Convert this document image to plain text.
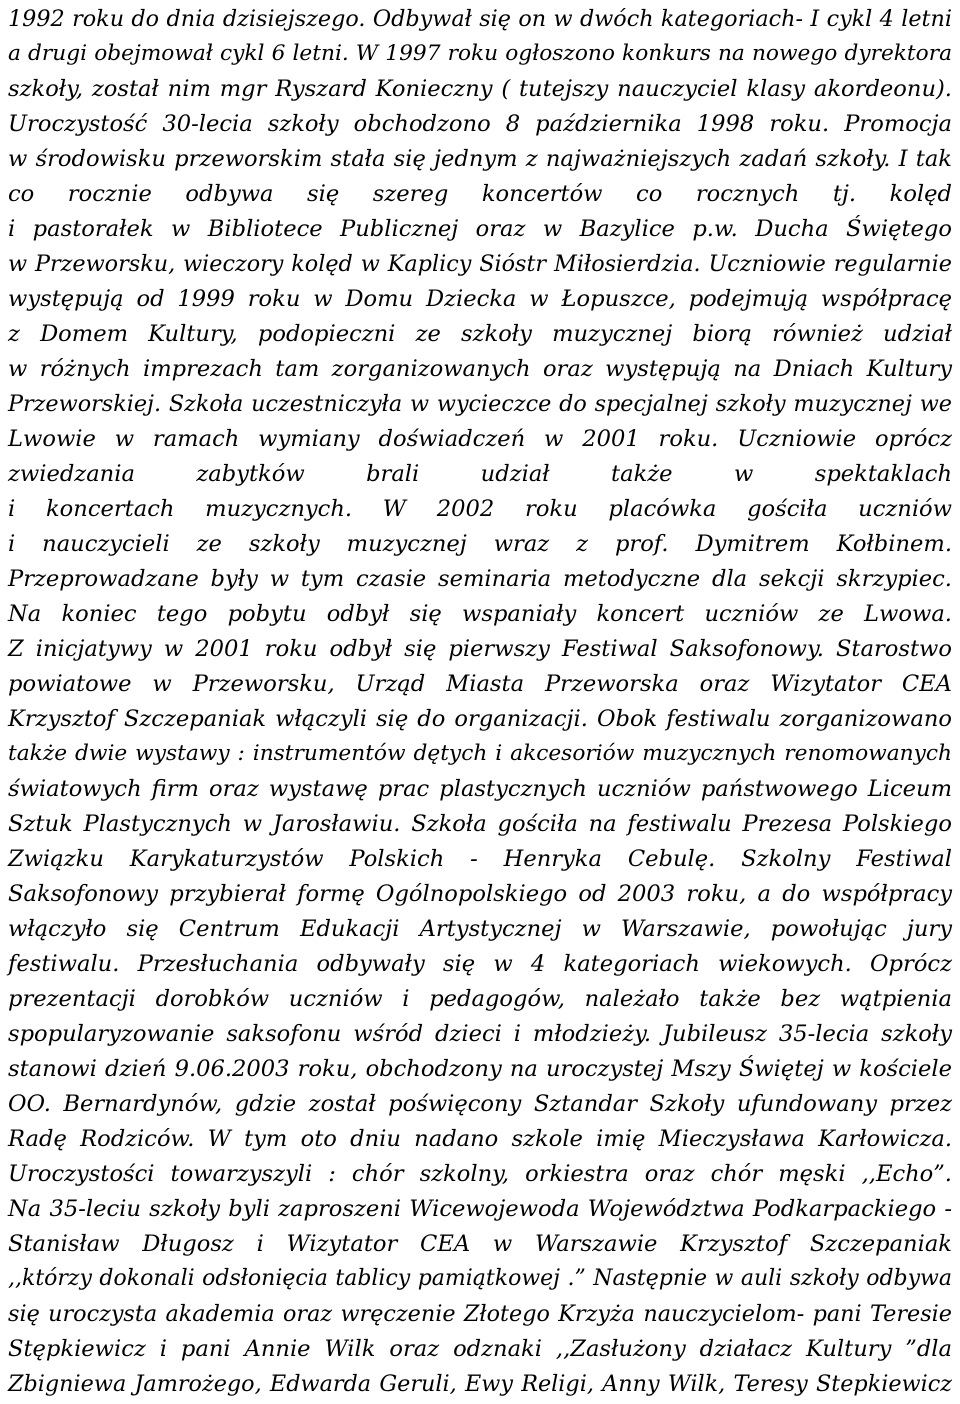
1992 roku do dnia dzisiejszego. Odbywał się on w dwóch kategoriach- I cykl 4 letni
a drugi obejmował cykl 6 letni. W 1997 roku ogłoszono konkurs na nowego dyrektora
szkoły, został nim mgr Ryszard Konieczny ( tutejszy nauczyciel klasy akordeonu).
Uroczystość 30-lecia szkoły obchodzono 8 października 1998 roku. Promocja
w środowisku przeworskim stała się jednym z najważniejszych zadań szkoły. I tak
co rocznie odbywa się szereg koncertów co rocznych tj. kolęd
i pastorałek w Bibliotece Publicznej oraz w Bazylice p.w. Ducha Świętego
w Przeworsku, wieczory kolęd w Kaplicy Sióstr Miłosierdzia. Uczniowie regularnie
występują od 1999 roku w Domu Dziecka w Łopuszce, podejmują współpracę
z Domem Kultury, podopieczni ze szkoły muzycznej biorą również udział
w różnych imprezach tam zorganizowanych oraz występują na Dniach Kultury
Przeworskiej. Szkoła uczestniczyła w wycieczce do specjalnej szkoły muzycznej we
Lwowie w ramach wymiany doświadczeń w 2001 roku. Uczniowie oprócz
zwiedzania zabytków brali udział także w spektaklach
i koncertach muzycznych. W 2002 roku placówka gościła uczniów
i nauczycieli ze szkoły muzycznej wraz z prof. Dymitrem Kołbinem.
Przeprowadzane były w tym czasie seminaria metodyczne dla sekcji skrzypiec.
Na koniec tego pobytu odbył się wspaniały koncert uczniów ze Lwowa.
Z inicjatywy w 2001 roku odbył się pierwszy Festiwal Saksofonowy. Starostwo
powiatowe w Przeworsku, Urząd Miasta Przeworska oraz Wizytator CEA
Krzysztof Szczepaniak włączyli się do organizacji. Obok festiwalu zorganizowano
także dwie wystawy : instrumentów dętych i akcesoriów muzycznych renomowanych
światowych firm oraz wystawę prac plastycznych uczniów państwowego Liceum
Sztuk Plastycznych w Jarosławiu. Szkoła gościła na festiwalu Prezesa Polskiego
Związku Karykaturzystów Polskich - Henryka Cebulę. Szkolny Festiwal
Saksofonowy przybierał formę Ogólnopolskiego od 2003 roku, a do współpracy
włączyło się Centrum Edukacji Artystycznej w Warszawie, powołując jury
festiwalu. Przesłuchania odbywały się w 4 kategoriach wiekowych. Oprócz
prezentacji dorobków uczniów i pedagogów, należało także bez wątpienia
spopularyzowanie saksofonu wśród dzieci i młodzieży. Jubileusz 35-lecia szkoły
stanowi dzień 9.06.2003 roku, obchodzony na uroczystej Mszy Świętej w kościele
OO. Bernardynów, gdzie został poświęcony Sztandar Szkoły ufundowany przez
Radę Rodziców. W tym oto dniu nadano szkole imię Mieczysława Karłowicza.
Uroczystości towarzyszyli : chór szkolny, orkiestra oraz chór męski ,,Echo”.
Na 35-leciu szkoły byli zaproszeni Wicewojewoda Województwa Podkarpackiego -
Stanisław Długosz i Wizytator CEA w Warszawie Krzysztof Szczepaniak
,,którzy dokonali odsłonięcia tablicy pamiątkowej .” Następnie w auli szkoły odbywa
się uroczysta akademia oraz wręczenie Złotego Krzyża nauczycielom- pani Teresie
Stępkiewicz i pani Annie Wilk oraz odznaki ,,Zasłużony działacz Kultury ”dla
Zbigniewa Jamrożego, Edwarda Geruli, Ewy Religi, Anny Wilk, Teresy Stepkiewicz
